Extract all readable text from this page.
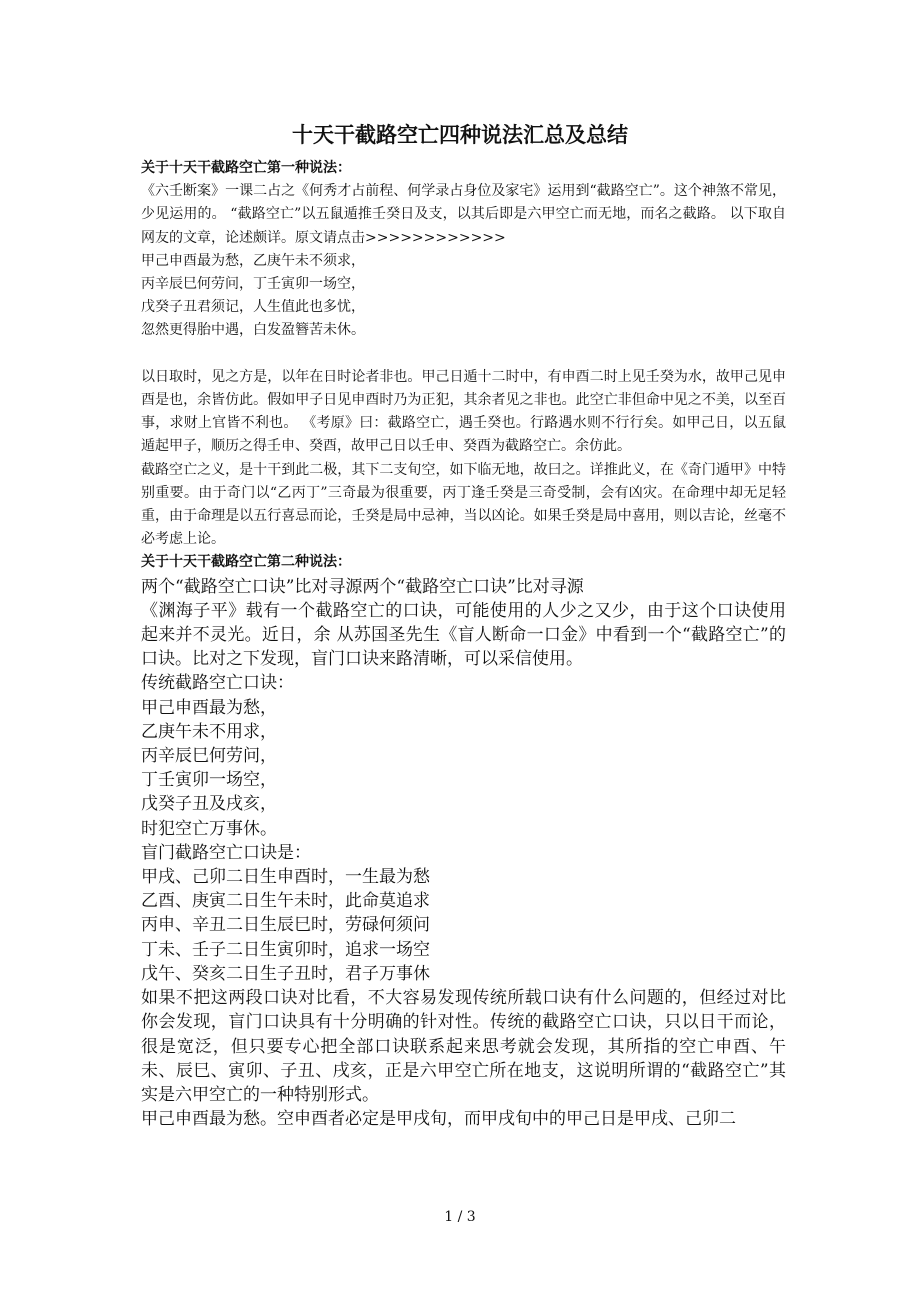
十天干截路空亡四种说法汇总及总结

关于十天干截路空亡第一种说法：

《六壬断案》一课二占之《何秀才占前程、何学录占身位及家宅》运用到“截路空亡”。这个神煞不常见，少见运用的。 “截路空亡”以五鼠遁推壬癸日及支，以其后即是六甲空亡而无地，而名之截路。 以下取自网友的文章，论述颇详。原文请点击>>>>>>>>>>>>

甲己申酉最为愁，乙庚午未不须求，

丙辛辰巳何劳问，丁壬寅卯一场空，

戊癸子丑君须记，人生值此也多忧，

忽然更得胎中遇，白发盈簪苦未休。

以日取时，见之方是，以年在日时论者非也。甲己日遁十二时中，有申酉二时上见壬癸为水，故甲己见申酉是也，余皆仿此。假如甲子日见申酉时乃为正犯，其余者见之非也。此空亡非但命中见之不美，以至百事，求财上官皆不利也。 《考原》曰：截路空亡，遇壬癸也。行路遇水则不行行矣。如甲己日，以五鼠遁起甲子，顺历之得壬申、癸酉，故甲己日以壬申、癸酉为截路空亡。余仿此。

截路空亡之义，是十干到此二极，其下二支旬空，如下临无地，故曰之。详推此义，在《奇门遁甲》中特别重要。由于奇门以“乙丙丁”三奇最为很重要，丙丁逢壬癸是三奇受制，会有凶灾。在命理中却无足轻重，由于命理是以五行喜忌而论，壬癸是局中忌神，当以凶论。如果壬癸是局中喜用，则以吉论，丝毫不必考虑上论。

关于十天干截路空亡第二种说法：

两个“截路空亡口诀”比对寻源两个“截路空亡口诀”比对寻源

《渊海子平》载有一个截路空亡的口诀，可能使用的人少之又少，由于这个口诀使用起来并不灵光。近日，余 从苏国圣先生《盲人断命一口金》中看到一个“截路空亡”的口诀。比对之下发现，盲门口诀来路清晰，可以采信使用。

传统截路空亡口诀：

甲己申酉最为愁，

乙庚午未不用求，

丙辛辰巳何劳问，

丁壬寅卯一场空，

戊癸子丑及戌亥，

时犯空亡万事休。

盲门截路空亡口诀是：

甲戌、己卯二日生申酉时，一生最为愁

乙酉、庚寅二日生午未时，此命莫追求

丙申、辛丑二日生辰巳时，劳碌何须问

丁未、壬子二日生寅卯时，追求一场空

戊午、癸亥二日生子丑时，君子万事休

如果不把这两段口诀对比看，不大容易发现传统所载口诀有什么问题的，但经过对比你会发现，盲门口诀具有十分明确的针对性。传统的截路空亡口诀，只以日干而论，很是宽泛，但只要专心把全部口诀联系起来思考就会发现，其所指的空亡申酉、午未、辰巳、寅卯、子丑、戌亥，正是六甲空亡所在地支，这说明所谓的“截路空亡”其实是六甲空亡的一种特别形式。

甲己申酉最为愁。空申酉者必定是甲戌旬，而甲戌旬中的甲己日是甲戌、己卯二

1 / 3
